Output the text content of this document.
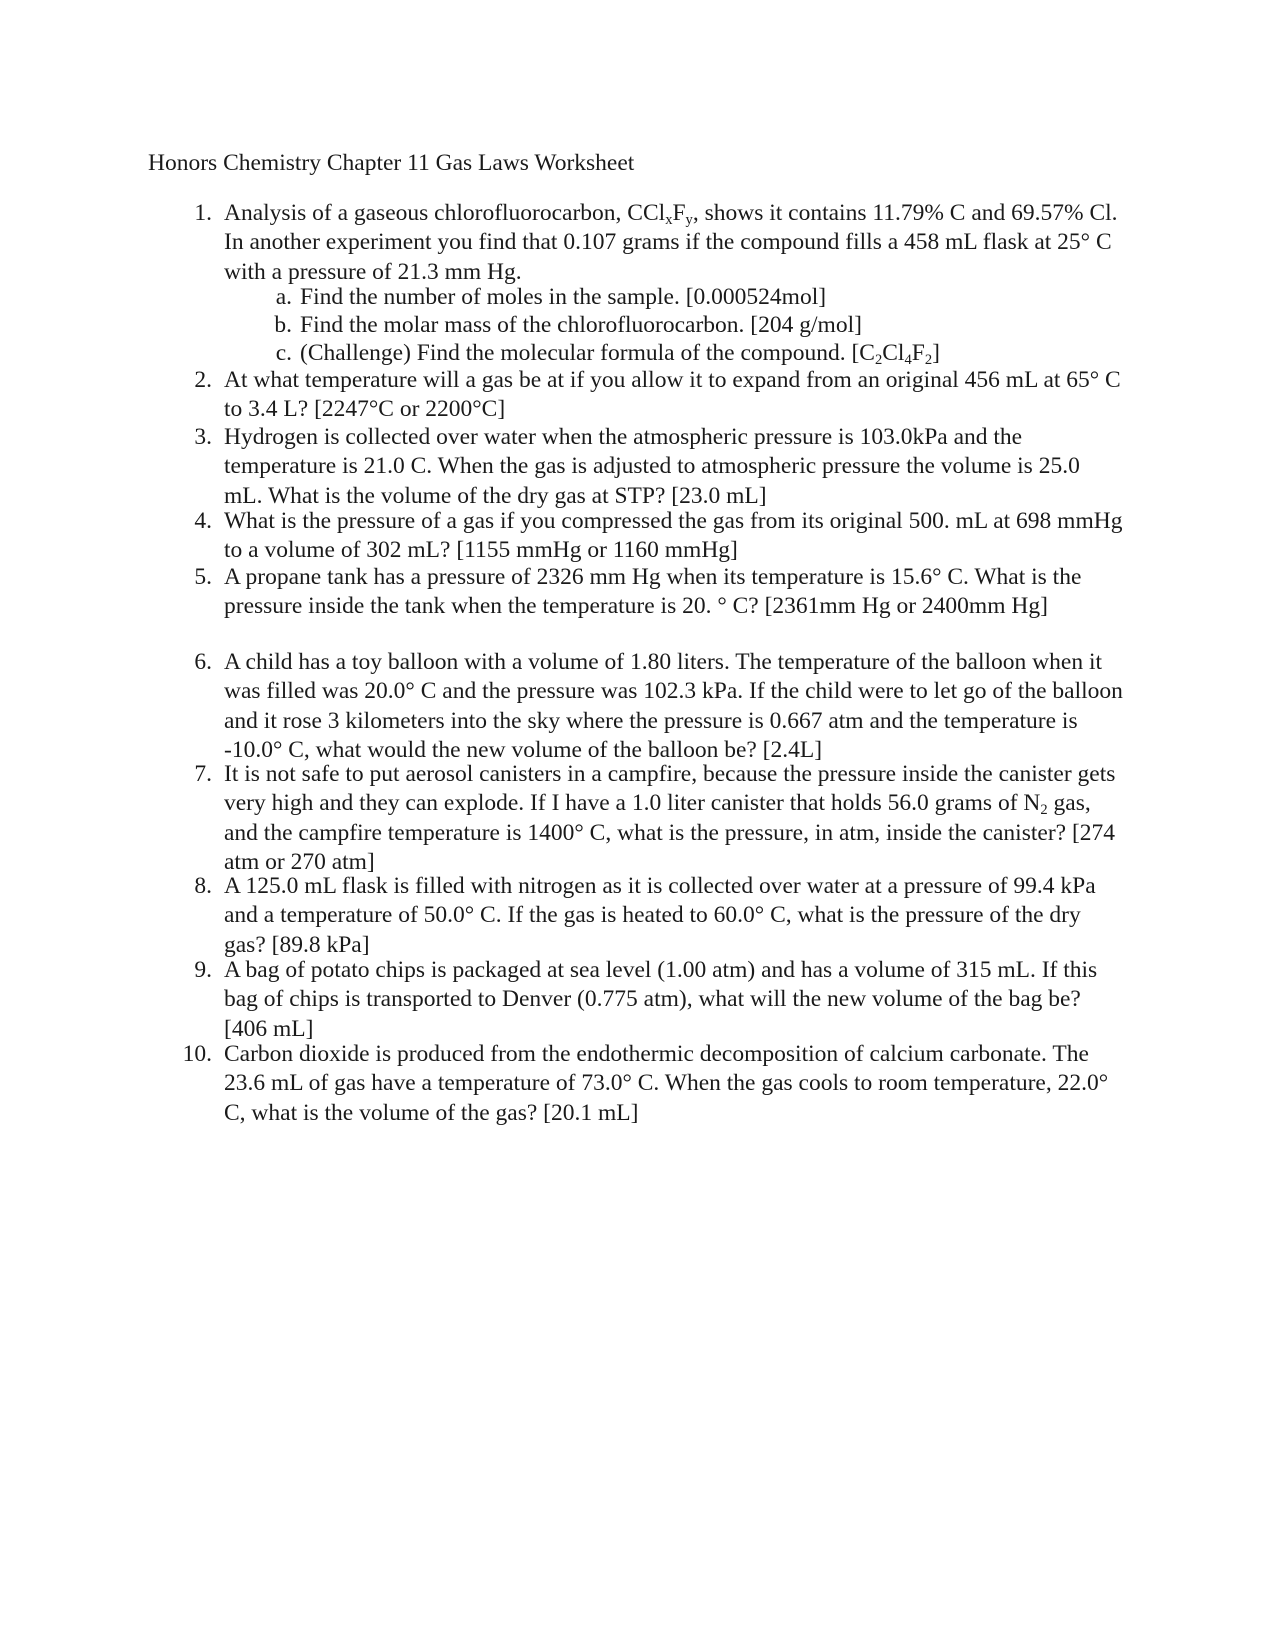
Honors Chemistry Chapter 11 Gas Laws Worksheet
1. Analysis of a gaseous chlorofluorocarbon, $CCl_xF_y$, shows it contains 11.79% C and 69.57% Cl. In another experiment you find that 0.107 grams if the compound fills a 458 mL flask at 25° C with a pressure of 21.3 mm Hg.
a. Find the number of moles in the sample. [0.000524mol]
b. Find the molar mass of the chlorofluorocarbon. [204 g/mol]
c. (Challenge) Find the molecular formula of the compound. $[C_2Cl_4F_2]$
2. At what temperature will a gas be at if you allow it to expand from an original 456 mL at 65° C to 3.4 L? [2247°C or 2200°C]
3. Hydrogen is collected over water when the atmospheric pressure is 103.0kPa and the temperature is 21.0 C. When the gas is adjusted to atmospheric pressure the volume is 25.0 mL. What is the volume of the dry gas at STP? [23.0 mL]
4. What is the pressure of a gas if you compressed the gas from its original 500. mL at 698 mmHg to a volume of 302 mL? [1155 mmHg or 1160 mmHg]
5. A propane tank has a pressure of 2326 mm Hg when its temperature is 15.6° C. What is the pressure inside the tank when the temperature is 20. ° C? [2361mm Hg or 2400mm Hg]
6. A child has a toy balloon with a volume of 1.80 liters. The temperature of the balloon when it was filled was 20.0° C and the pressure was 102.3 kPa. If the child were to let go of the balloon and it rose 3 kilometers into the sky where the pressure is 0.667 atm and the temperature is -10.0° C, what would the new volume of the balloon be? [2.4L]
7. It is not safe to put aerosol canisters in a campfire, because the pressure inside the canister gets very high and they can explode. If I have a 1.0 liter canister that holds 56.0 grams of $N_2$ gas, and the campfire temperature is 1400° C, what is the pressure, in atm, inside the canister? [274 atm or 270 atm]
8. A 125.0 mL flask is filled with nitrogen as it is collected over water at a pressure of 99.4 kPa and a temperature of 50.0° C. If the gas is heated to 60.0° C, what is the pressure of the dry gas? [89.8 kPa]
9. A bag of potato chips is packaged at sea level (1.00 atm) and has a volume of 315 mL. If this bag of chips is transported to Denver (0.775 atm), what will the new volume of the bag be? [406 mL]
10. Carbon dioxide is produced from the endothermic decomposition of calcium carbonate. The 23.6 mL of gas have a temperature of 73.0° C. When the gas cools to room temperature, 22.0° C, what is the volume of the gas? [20.1 mL]
